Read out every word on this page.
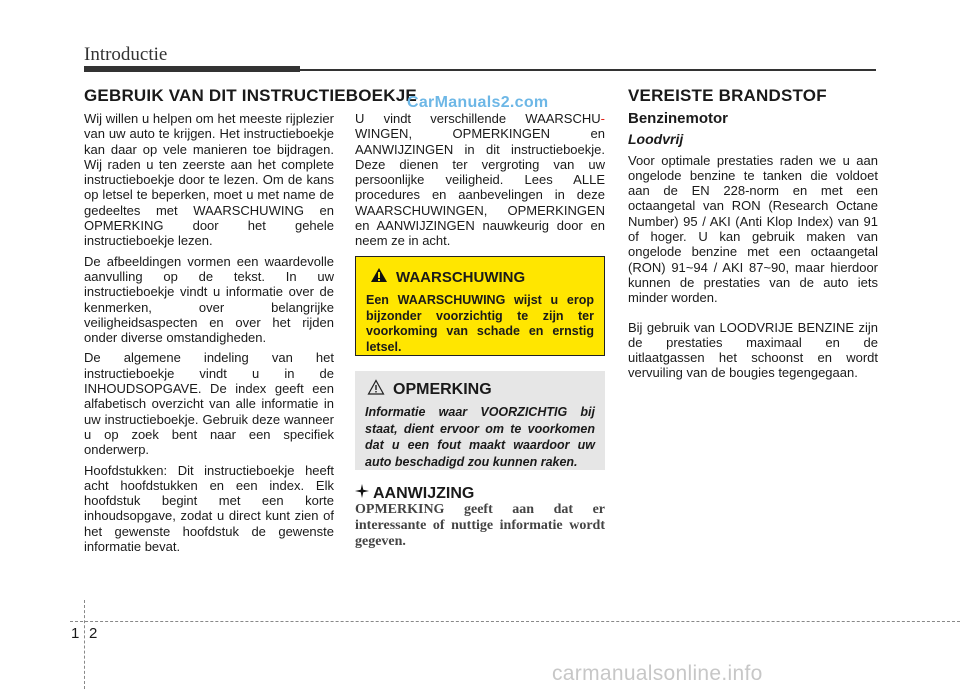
Introductie
GEBRUIK VAN DIT INSTRUCTIEBOEKJE
CarManuals2.com

Wij willen u helpen om het meeste rijplezier van uw auto te krijgen. Het instructieboekje kan daar op vele manieren toe bijdragen. Wij raden u ten zeerste aan het complete instructieboekje door te lezen. Om de kans op letsel te beperken, moet u met name de gedeeltes met WAARSCHUWING en OPMERKING door het gehele instructieboekje lezen.

De afbeeldingen vormen een waardevolle aanvulling op de tekst. In uw instructieboekje vindt u informatie over de kenmerken, over belangrijke veiligheidsaspecten en over het rijden onder diverse omstandigheden.

De algemene indeling van het instructieboekje vindt u in de INHOUDSOPGAVE. De index geeft een alfabetisch overzicht van alle informatie in uw instructieboekje. Gebruik deze wanneer u op zoek bent naar een specifiek onderwerp.

Hoofdstukken: Dit instructieboekje heeft acht hoofdstukken en een index. Elk hoofdstuk begint met een korte inhoudsopgave, zodat u direct kunt zien of het gewenste hoofdstuk de gewenste informatie bevat.

U vindt verschillende WAARSCHU- WINGEN, OPMERKINGEN en AANWIJZINGEN in dit instructieboekje. Deze dienen ter vergroting van uw persoonlijke veiligheid. Lees ALLE procedures en aanbevelingen in deze WAARSCHUWINGEN, OPMERKINGEN en AANWIJZINGEN nauwkeurig door en neem ze in acht.

WAARSCHUWING
Een WAARSCHUWING wijst u erop bijzonder voorzichtig te zijn ter voorkoming van schade en ernstig letsel.
OPMERKING
Informatie waar VOORZICHTIG bij staat, dient ervoor om te voorkomen dat u een fout maakt waardoor uw auto beschadigd zou kunnen raken.
AANWIJZING
OPMERKING geeft aan dat er interessante of nuttige informatie wordt gegeven.
VEREISTE BRANDSTOF
Benzinemotor
Loodvrij

Voor optimale prestaties raden we u aan ongelode benzine te tanken die voldoet aan de EN 228-norm en met een octaangetal van RON (Research Octane Number) 95 / AKI (Anti Klop Index) van 91 of hoger. U kan gebruik maken van ongelode benzine met een octaangetal (RON) 91~94 / AKI 87~90, maar hierdoor kunnen de prestaties van de auto iets minder worden.

Bij gebruik van LOODVRIJE BENZINE zijn de prestaties maximaal en de uitlaatgassen het schoonst en wordt vervuiling van de bougies tegengegaan.

1 2
carmanualsonline.info
